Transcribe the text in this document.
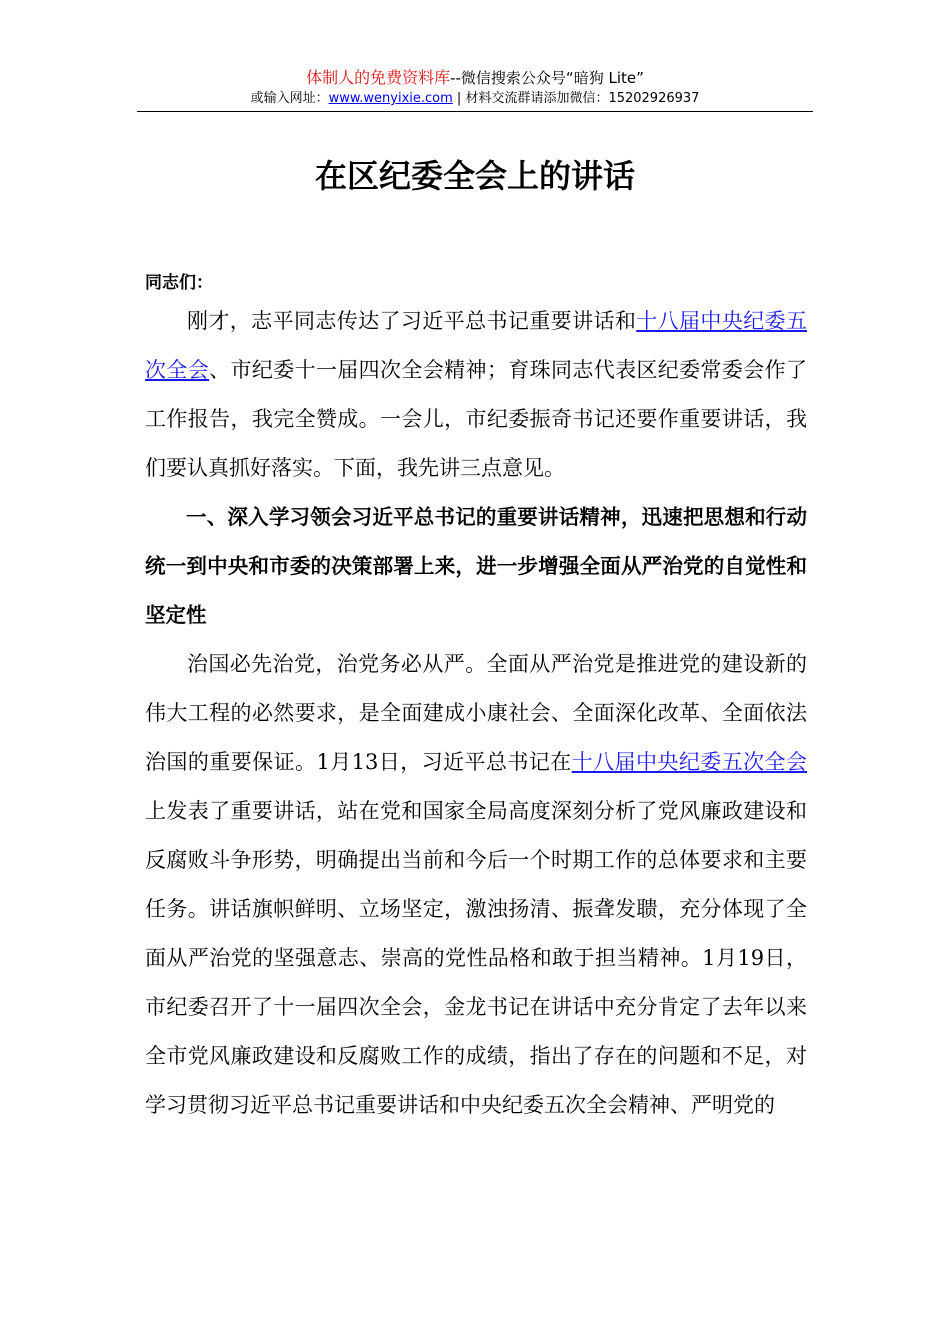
体制人的免费资料库--微信搜索公众号“暗狗 Lite”
或输入网址：www.wenyixie.com | 材料交流群请添加微信：15202926937
在区纪委全会上的讲话
同志们：

刚才，志平同志传达了习近平总书记重要讲话和十八届中央纪委五次全会、市纪委十一届四次全会精神；育珠同志代表区纪委常委会作了工作报告，我完全赞成。一会儿，市纪委振奇书记还要作重要讲话，我们要认真抓好落实。下面，我先讲三点意见。

一、深入学习领会习近平总书记的重要讲话精神，迅速把思想和行动统一到中央和市委的决策部署上来，进一步增强全面从严治党的自觉性和坚定性

治国必先治党，治党务必从严。全面从严治党是推进党的建设新的伟大工程的必然要求，是全面建成小康社会、全面深化改革、全面依法治国的重要保证。1月13日，习近平总书记在十八届中央纪委五次全会上发表了重要讲话，站在党和国家全局高度深刻分析了党风廉政建设和反腐败斗争形势，明确提出当前和今后一个时期工作的总体要求和主要任务。讲话旗帜鲜明、立场坚定，激浊扬清、振聋发聩，充分体现了全面从严治党的坚强意志、崇高的党性品格和敢于担当精神。1月19日，市纪委召开了十一届四次全会，金龙书记在讲话中充分肯定了去年以来全市党风廉政建设和反腐败工作的成绩，指出了存在的问题和不足，对学习贯彻习近平总书记重要讲话和中央纪委五次全会精神、严明党的
